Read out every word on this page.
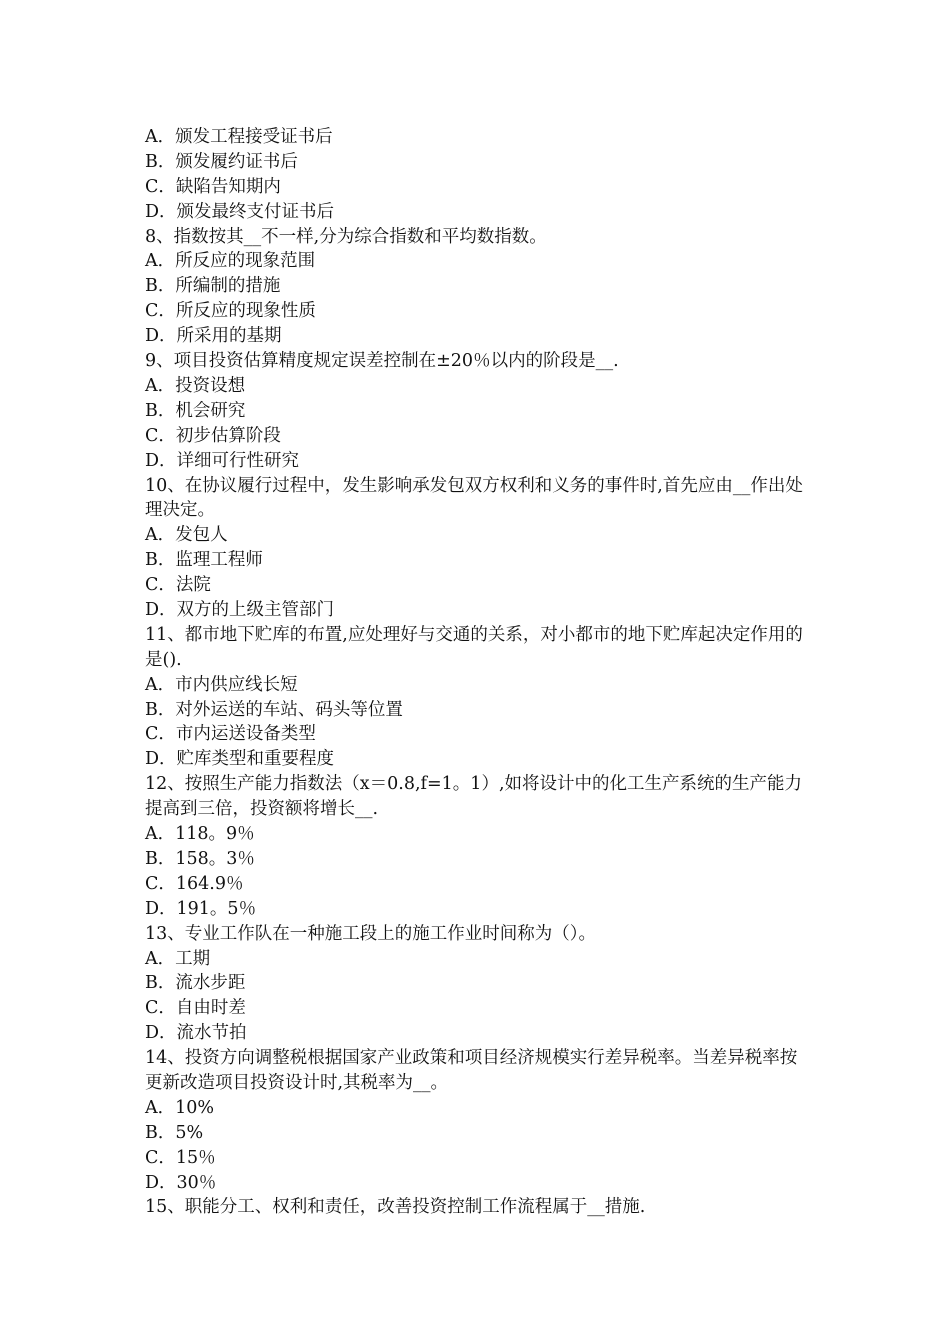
A．颁发工程接受证书后
B．颁发履约证书后
C．缺陷告知期内
D．颁发最终支付证书后
8、指数按其__不一样,分为综合指数和平均数指数。
A．所反应的现象范围
B．所编制的措施
C．所反应的现象性质
D．所采用的基期
9、项目投资估算精度规定误差控制在±20％以内的阶段是__.
A．投资设想
B．机会研究
C．初步估算阶段
D．详细可行性研究
10、在协议履行过程中，发生影响承发包双方权利和义务的事件时,首先应由__作出处理决定。
A．发包人
B．监理工程师
C．法院
D．双方的上级主管部门
11、都市地下贮库的布置,应处理好与交通的关系，对小都市的地下贮库起决定作用的是().
A．市内供应线长短
B．对外运送的车站、码头等位置
C．市内运送设备类型
D．贮库类型和重要程度
12、按照生产能力指数法（x＝0.8,f=1。1）,如将设计中的化工生产系统的生产能力提高到三倍，投资额将增长__.
A．118。9％
B．158。3％
C．164.9％
D．191。5％
13、专业工作队在一种施工段上的施工作业时间称为（）。
A．工期
B．流水步距
C．自由时差
D．流水节拍
14、投资方向调整税根据国家产业政策和项目经济规模实行差异税率。当差异税率按更新改造项目投资设计时,其税率为__。
A．10%
B．5%
C．15％
D．30％
15、职能分工、权利和责任，改善投资控制工作流程属于__措施.
